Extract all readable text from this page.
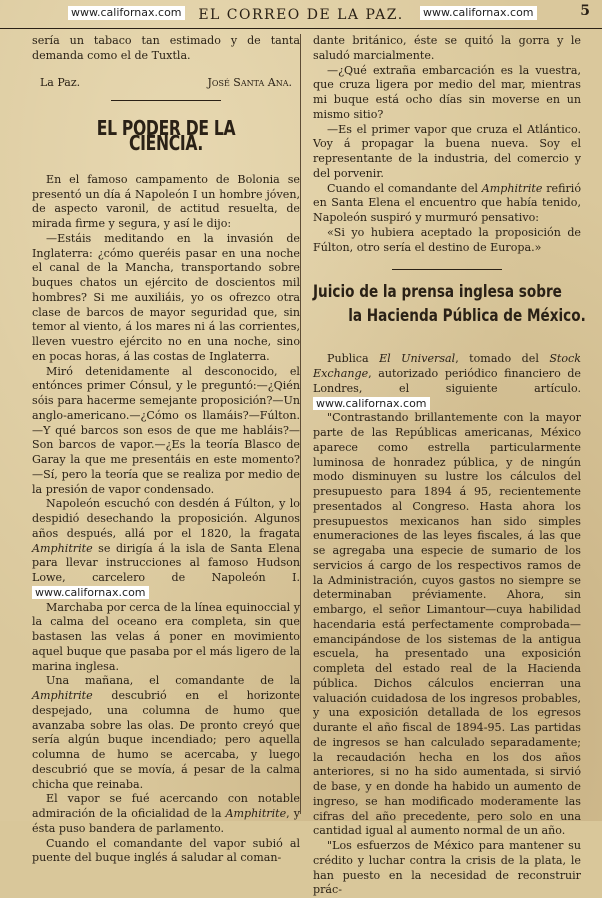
www.californax.com	EL CORREO DE LA PAZ.	www.californax.com	5

sería un tabaco tan estimado y de tanta demanda como el de Tuxtla.

La Paz.	José Santa Ana.
EL PODER DE LA CIENCIA.

En el famoso campamento de Bolonia se presentó un día á Napoleón I un hombre jóven, de aspecto varonil, de actitud resuelta, de mirada firme y segura, y así le dijo:

—Estáis meditando en la invasión de Inglaterra: ¿cómo queréis pasar en una noche el canal de la Mancha, transportando sobre buques chatos un ejército de doscientos mil hombres? Si me auxiliáis, yo os ofrezco otra clase de barcos de mayor seguridad que, sin temor al viento, á los mares ni á las corrientes, lleven vuestro ejército no en una noche, sino en pocas horas, á las costas de Inglaterra.

Miró detenidamente al desconocido, el entónces primer Cónsul, y le preguntó:—¿Qién sóis para hacerme semejante proposición?—Un anglo-americano.—¿Cómo os llamáis?—Fúlton.—Y qué barcos son esos de que me habláis?—Son barcos de vapor.—¿Es la teoría Blasco de Garay la que me presentáis en este momento?—Sí, pero la teoría que se realiza por medio de la presión de vapor condensado.

Napoleón escuchó con desdén á Fúlton, y lo despidió desechando la proposición. Algunos años después, allá por el 1820, la fragata Amphitrite se dirigía á la isla de Santa Elena para llevar instrucciones al famoso Hudson Lowe, carcelero de Napoleón I. www.californax.com

Marchaba por cerca de la línea equinoccial y la calma del oceano era completa, sin que bastasen las velas á poner en movimiento aquel buque que pasaba por el más ligero de la marina inglesa.

Una mañana, el comandante de la Amphitrite descubrió en el horizonte despejado, una columna de humo que avanzaba sobre las olas. De pronto creyó que sería algún buque incendiado; pero aquella columna de humo se acercaba, y luego descubrió que se movía, á pesar de la calma chicha que reinaba.

El vapor se fué acercando con notable admiración de la oficialidad de la Amphitrite, y ésta puso bandera de parlamento.

Cuando el comandante del vapor subió al puente del buque inglés á saludar al coman-

dante británico, éste se quitó la gorra y le saludó marcialmente.

—¿Qué extraña embarcación es la vuestra, que cruza ligera por medio del mar, mientras mi buque está ocho días sin moverse en un mismo sitio?

—Es el primer vapor que cruza el Atlántico. Voy á propagar la buena nueva. Soy el representante de la industria, del comercio y del porvenir.

Cuando el comandante del Amphitrite refirió en Santa Elena el encuentro que había tenido, Napoleón suspiró y murmuró pensativo:

«Si yo hubiera aceptado la proposición de Fúlton, otro sería el destino de Europa.»

Juicio de la prensa inglesa sobre
la Hacienda Pública de México.

Publica El Universal, tomado del Stock Exchange, autorizado periódico financiero de Londres, el siguiente artículo. www.californax.com

"Contrastando brillantemente con la mayor parte de las Repúblicas americanas, México aparece como estrella particularmente luminosa de honradez pública, y de ningún modo disminuyen su lustre los cálculos del presupuesto para 1894 á 95, recientemente presentados al Congreso. Hasta ahora los presupuestos mexicanos han sido simples enumeraciones de las leyes fiscales, á las que se agregaba una especie de sumario de los servicios á cargo de los respectivos ramos de la Administración, cuyos gastos no siempre se determinaban préviamente. Ahora, sin embargo, el señor Limantour—cuya habilidad hacendaria está perfectamente comprobada—emancipándose de los sistemas de la antigua escuela, ha presentado una exposición completa del estado real de la Hacienda pública. Dichos cálculos encierran una valuación cuidadosa de los ingresos probables, y una exposición detallada de los egresos durante el año fiscal de 1894-95. Las partidas de ingresos se han calculado separadamente; la recaudación hecha en los dos años anteriores, si no ha sido aumentada, si sirvió de base, y en donde ha habido un aumento de ingreso, se han modificado moderamente las cifras del año precedente, pero solo en una cantidad igual al aumento normal de un año.

"Los esfuerzos de México para mantener su crédito y luchar contra la crisis de la plata, le han puesto en la necesidad de reconstruir prác-
